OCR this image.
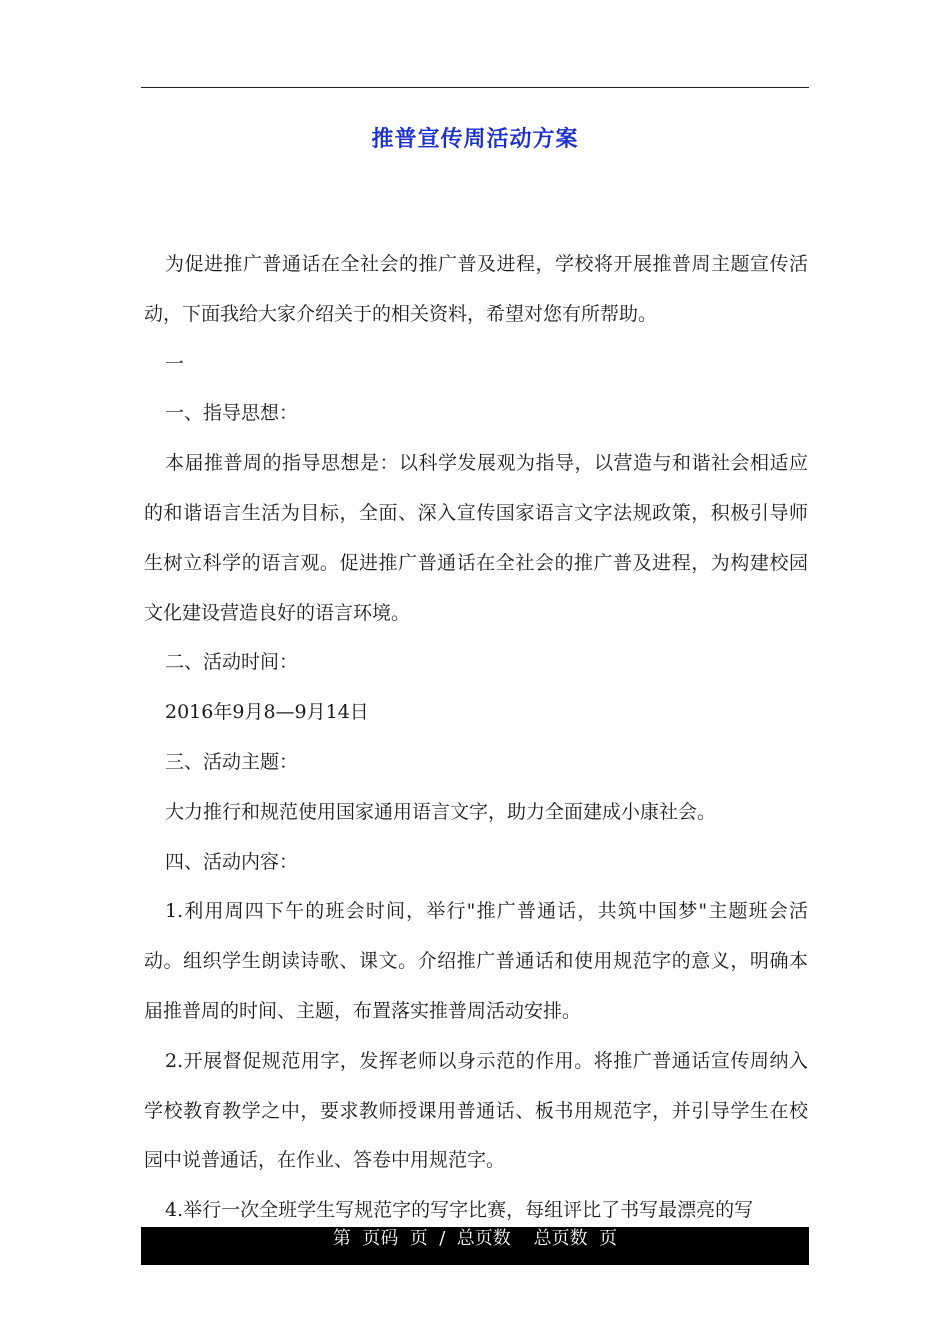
推普宣传周活动方案

为促进推广普通话在全社会的推广普及进程，学校将开展推普周主题宣传活动，下面我给大家介绍关于的相关资料，希望对您有所帮助。

一

一、指导思想：

本届推普周的指导思想是：以科学发展观为指导，以营造与和谐社会相适应的和谐语言生活为目标，全面、深入宣传国家语言文字法规政策，积极引导师生树立科学的语言观。促进推广普通话在全社会的推广普及进程，为构建校园文化建设营造良好的语言环境。

二、活动时间：

2016年9月8—9月14日

三、活动主题：

大力推行和规范使用国家通用语言文字，助力全面建成小康社会。

四、活动内容：

1.利用周四下午的班会时间，举行"推广普通话，共筑中国梦"主题班会活动。组织学生朗读诗歌、课文。介绍推广普通话和使用规范字的意义，明确本届推普周的时间、主题，布置落实推普周活动安排。

2.开展督促规范用字，发挥老师以身示范的作用。将推广普通话宣传周纳入学校教育教学之中，要求教师授课用普通话、板书用规范字，并引导学生在校园中说普通话，在作业、答卷中用规范字。

4.举行一次全班学生写规范字的写字比赛，每组评比了书写最漂亮的写

第  页码  页  /  总页数    总页数  页
